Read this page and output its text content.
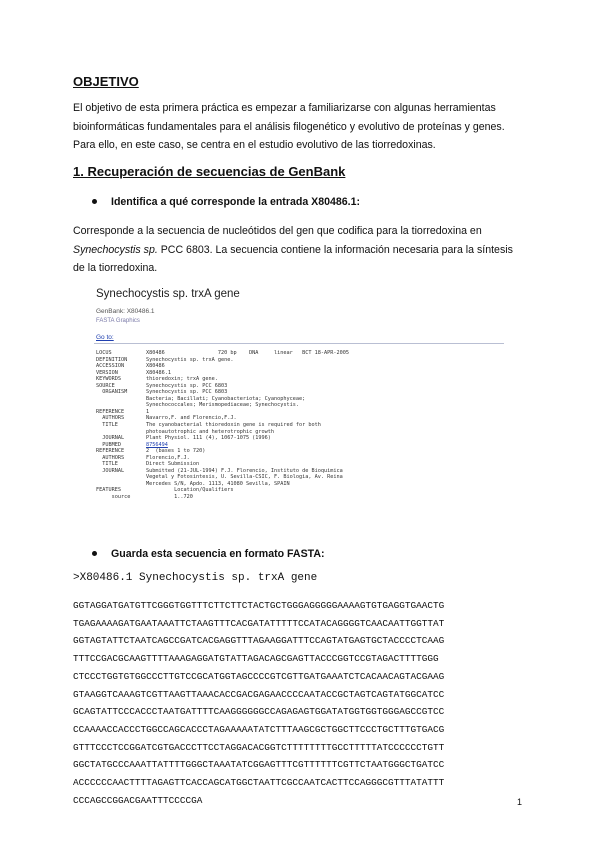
OBJETIVO
El objetivo de esta primera práctica es empezar a familiarizarse con algunas herramientas
bioinformáticas fundamentales para el análisis filogenético y evolutivo de proteínas y genes.
Para ello, en este caso, se centra en el estudio evolutivo de las tiorredoxinas.
1. Recuperación de secuencias de GenBank
Identifica a qué corresponde la entrada X80486.1:
Corresponde a la secuencia de nucleótidos del gen que codifica para la tiorredoxina en
Synechocystis sp. PCC 6803. La secuencia contiene la información necesaria para la síntesis
de la tiorredoxina.
Synechocystis sp. trxA gene
GenBank: X80486.1
FASTA Graphics
Go to:
LOCUS	X80486                 720 bp    DNA     linear   BCT 18-APR-2005
DEFINITION	Synechocystis sp. trxA gene.
ACCESSION	X80486
VERSION	X80486.1
KEYWORDS	thioredoxin; trxA gene.
SOURCE	Synechocystis sp. PCC 6803
ORGANISM	Synechocystis sp. PCC 6803
Bacteria; Bacillati; Cyanobacteriota; Cyanophyceae;
Synechococcales; Merismopediaceae; Synechocystis.
REFERENCE	1
AUTHORS	Navarro,F. and Florencio,F.J.
TITLE	The cyanobacterial thioredoxin gene is required for both
photoautotrophic and heterotrophic growth
JOURNAL	Plant Physiol. 111 (4), 1067-1075 (1996)
PUBMED	8756494
REFERENCE	2  (bases 1 to 720)
AUTHORS	Florencio,F.J.
TITLE	Direct Submission
JOURNAL	Submitted (21-JUL-1994) F.J. Florencio, Instituto de Bioquimica
Vegetal y Fotosintesis, U. Sevilla-CSIC, F. Biologia, Av. Reina
Mercedes S/N, Apdo. 1113, 41080 Sevilla, SPAIN
FEATURES	Location/Qualifiers
source	1..720
Guarda esta secuencia en formato FASTA:
>X80486.1 Synechocystis sp. trxA gene
GGTAGGATGATGTTCGGGTGGTTTCTTCTTCTACTGCTGGGAGGGGGAAAAGTGTGAGGTGAACTG
TGAGAAAAGATGAATAAATTCTAAGTTTCACGATATTTTTCCATACAGGGGTCAACAATTGGTTAT
GGTAGTATTCTAATCAGCCGATCACGAGGTTTAGAAGGATTTCCAGTATGAGTGCTACCCCTCAAG
TTTCCGACGCAAGTTTTAAAGAGGATGTATTAGACAGCGAGTTACCCGGTCCGTAGACTTTTGGG
CTCCCTGGTGTGGCCCTTGTCCGCATGGTAGCCCCGTCGTTGATGAAATCTCACAACAGTACGAAG
GTAAGGTCAAAGTCGTTAAGTTAAACACCGACGAGAACCCCAATACCGCTAGTCAGTATGGCATCC
GCAGTATTCCCACCCTAATGATTTTCAAGGGGGGCCAGAGAGTGGATATGGTGGTGGGAGCCGTCC
CCAAAACCACCCTGGCCAGCACCCTAGAAAAATATCTTTAAGCGCTGGCTTCCCTGCTTTGTGACG
GTTTCCCTCCGGATCGTGACCCTTCCTAGGACACGGTCTTTTTTTTGCCTTTTTATCCCCCCTGTT
GGCTATGCCCAAATTATTTTGGGCTAAATATCGGAGTTTCGTTTTTTCGTTCTAATGGGCTGATCC
ACCCCCCAACTTTTAGAGTTCACCAGCATGGCTAATTCGCCAATCACTTCCAGGGCGTTTATATTT
CCCAGCCGGACGAATTTCCCCGA	1
